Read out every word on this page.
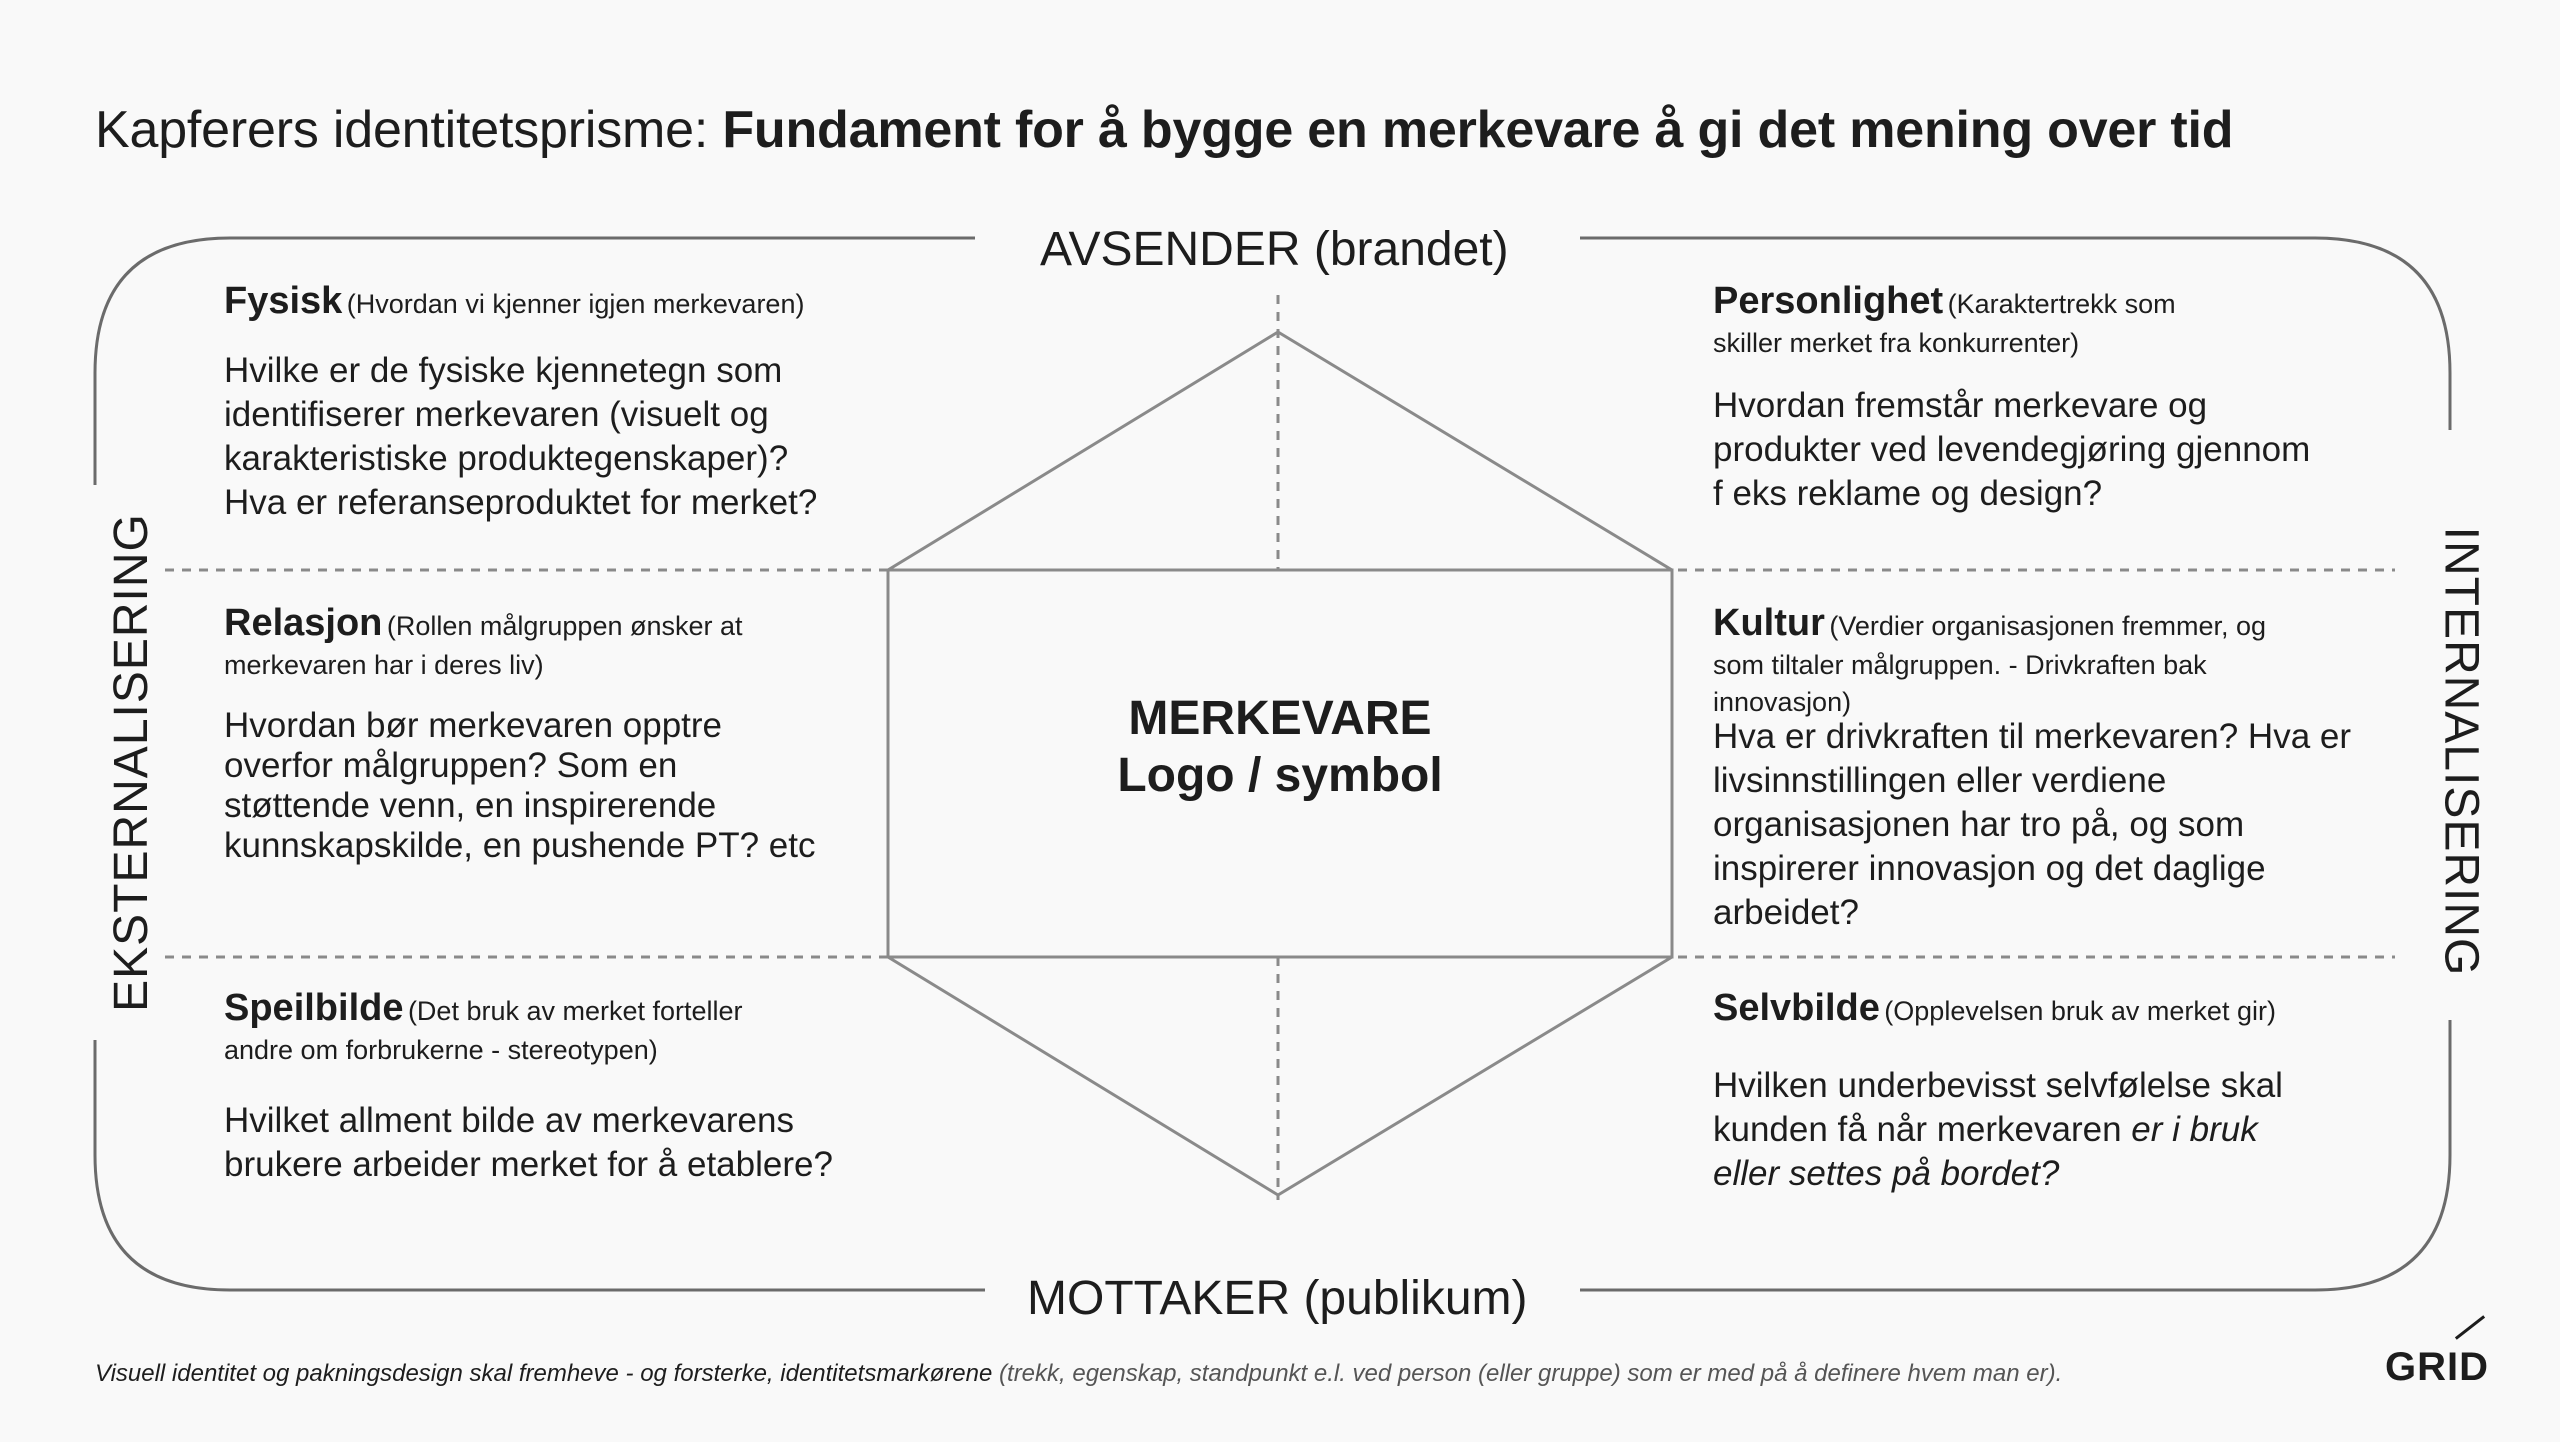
Kapferers identitetsprisme: Fundament for å bygge en merkevare å gi det mening over tid
AVSENDER (brandet)
MOTTAKER (publikum)
EKSTERNALISERING	INTERNALISERING
MERKEVARE
Logo / symbol
Fysisk (Hvordan vi kjenner igjen merkevaren)
Hvilke er de fysiske kjennetegn som
identifiserer merkevaren (visuelt og
karakteristiske produktegenskaper)?
Hva er referanseproduktet for merket?
Personlighet (Karaktertrekk som
skiller merket fra konkurrenter)
Hvordan fremstår merkevare og
produkter ved levendegjøring gjennom
f eks reklame og design?
Relasjon (Rollen målgruppen ønsker at
merkevaren har i deres liv)
Hvordan bør merkevaren opptre
overfor målgruppen? Som en
støttende venn, en inspirerende
kunnskapskilde, en pushende PT? etc
Kultur (Verdier organisasjonen fremmer, og
som tiltaler målgruppen. - Drivkraften bak
innovasjon)
Hva er drivkraften til merkevaren? Hva er
livsinnstillingen eller verdiene
organisasjonen har tro på, og som
inspirerer innovasjon og det daglige
arbeidet?
Speilbilde (Det bruk av merket forteller
andre om forbrukerne - stereotypen)
Hvilket allment bilde av merkevarens
brukere arbeider merket for å etablere?
Selvbilde (Opplevelsen bruk av merket gir)
Hvilken underbevisst selvfølelse skal
kunden få når merkevaren er i bruk
eller settes på bordet?
Visuell identitet og pakningsdesign skal fremheve - og forsterke, identitetsmarkørene (trekk, egenskap, standpunkt e.l. ved person (eller gruppe) som er med på å definere hvem man er).	GRID
